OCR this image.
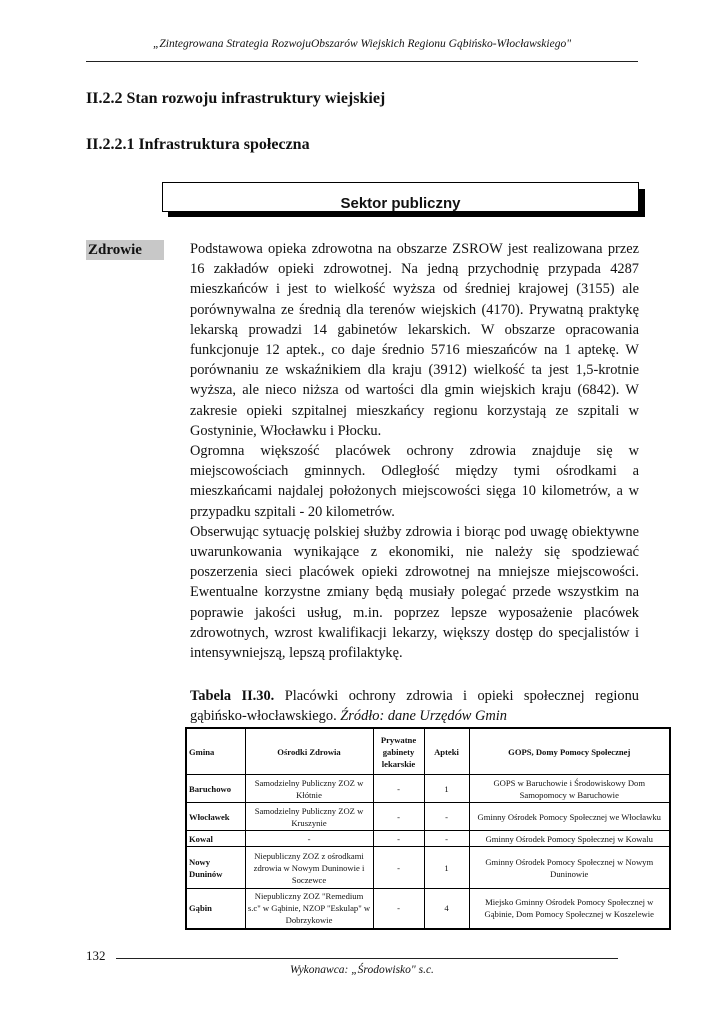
„Zintegrowana Strategia RozwojuObszarów Wiejskich Regionu Gąbińsko-Włocławskiego"
II.2.2 Stan rozwoju infrastruktury wiejskiej
II.2.2.1 Infrastruktura społeczna
Sektor publiczny
Zdrowie	Podstawowa opieka zdrowotna na obszarze ZSROW jest realizowana przez 16 zakładów opieki zdrowotnej. Na jedną przychodnię przypada 4287 mieszkańców i jest to wielkość wyższa od średniej krajowej (3155) ale porównywalna ze średnią dla terenów wiejskich (4170). Prywatną praktykę lekarską prowadzi 14 gabinetów lekarskich. W obszarze opracowania funkcjonuje 12 aptek., co daje średnio 5716 mieszańców na 1 aptekę. W porównaniu ze wskaźnikiem dla kraju (3912) wielkość ta jest 1,5-krotnie wyższa, ale nieco niższa od wartości dla gmin wiejskich kraju (6842). W zakresie opieki szpitalnej mieszkańcy regionu korzystają ze szpitali w Gostyninie, Włocławku i Płocku.

Ogromna większość placówek ochrony zdrowia znajduje się w miejscowościach gminnych. Odległość między tymi ośrodkami a mieszkańcami najdalej położonych miejscowości sięga 10 kilometrów, a w przypadku szpitali - 20 kilometrów.

Obserwując sytuację polskiej służby zdrowia i biorąc pod uwagę obiektywne uwarunkowania wynikające z ekonomiki, nie należy się spodziewać poszerzenia sieci placówek opieki zdrowotnej na mniejsze miejscowości. Ewentualne korzystne zmiany będą musiały polegać przede wszystkim na poprawie jakości usług, m.in. poprzez lepsze wyposażenie placówek zdrowotnych, wzrost kwalifikacji lekarzy, większy dostęp do specjalistów i intensywniejszą, lepszą profilaktykę.

Tabela II.30. Placówki ochrony zdrowia i opieki społecznej regionu gąbińsko-włocławskiego. Źródło: dane Urzędów Gmin
Gmina	Ośrodki Zdrowia	Prywatne gabinety lekarskie	Apteki	GOPS, Domy Pomocy Społecznej
Baruchowo	Samodzielny Publiczny ZOZ w Kłótnie	-	1	GOPS w Baruchowie i Środowiskowy Dom Samopomocy w Baruchowie
Włocławek	Samodzielny Publiczny ZOZ w Kruszynie	-	-	Gminny Ośrodek Pomocy Społecznej we Włocławku
Kowal	-	-	-	Gminny Ośrodek Pomocy Społecznej w Kowalu
Nowy Duninów	Niepubliczny ZOZ z ośrodkami zdrowia w Nowym Duninowie i Soczewce	-	1	Gminny Ośrodek Pomocy Społecznej w Nowym Duninowie
Gąbin	Niepubliczny ZOZ "Remedium s.c" w Gąbinie, NZOP "Eskulap" w Dobrzykowie	-	4	Miejsko Gminny Ośrodek Pomocy Społecznej w Gąbinie, Dom Pomocy Społecznej w Koszelewie
132
Wykonawca: „Środowisko" s.c.
